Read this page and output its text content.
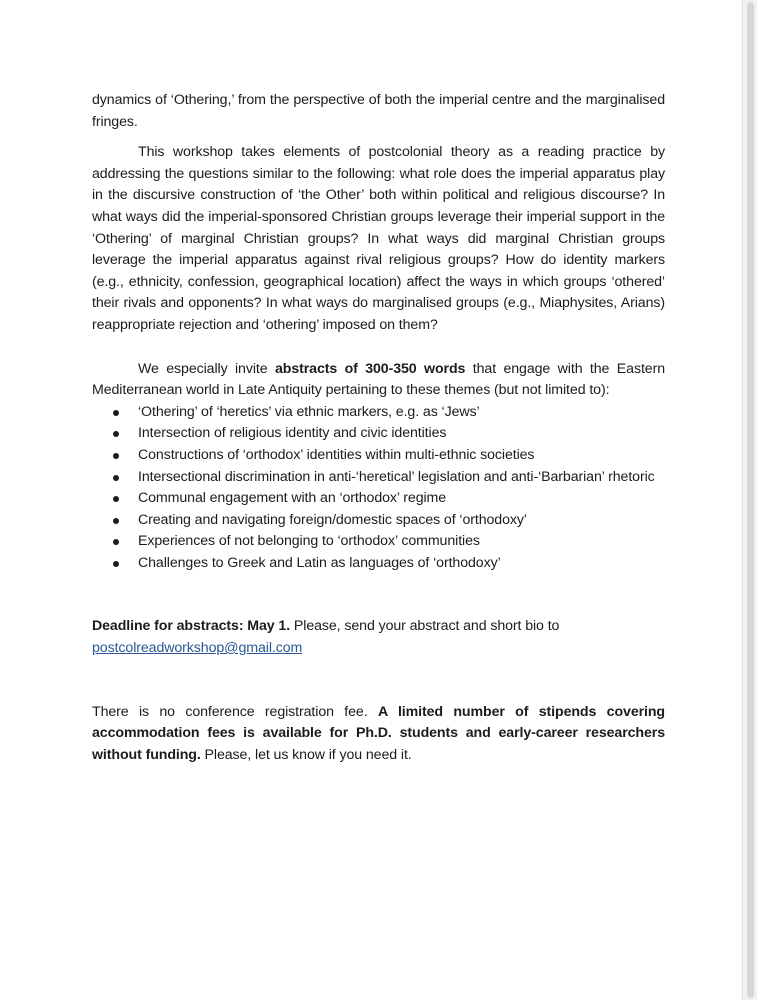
dynamics of ‘Othering,’ from the perspective of both the imperial centre and the marginalised fringes.

This workshop takes elements of postcolonial theory as a reading practice by addressing the questions similar to the following: what role does the imperial apparatus play in the discursive construction of ‘the Other’ both within political and religious discourse? In what ways did the imperial-sponsored Christian groups leverage their imperial support in the ‘Othering’ of marginal Christian groups? In what ways did marginal Christian groups leverage the imperial apparatus against rival religious groups? How do identity markers (e.g., ethnicity, confession, geographical location) affect the ways in which groups ‘othered’ their rivals and opponents? In what ways do marginalised groups (e.g., Miaphysites, Arians) reappropriate rejection and ‘othering’ imposed on them?

We especially invite abstracts of 300-350 words that engage with the Eastern Mediterranean world in Late Antiquity pertaining to these themes (but not limited to):

‘Othering’ of ‘heretics’ via ethnic markers, e.g. as ‘Jews’
Intersection of religious identity and civic identities
Constructions of ‘orthodox’ identities within multi-ethnic societies
Intersectional discrimination in anti-‘heretical’ legislation and anti-‘Barbarian’ rhetoric
Communal engagement with an ‘orthodox’ regime
Creating and navigating foreign/domestic spaces of ‘orthodoxy’
Experiences of not belonging to ‘orthodox’ communities
Challenges to Greek and Latin as languages of ‘orthodoxy’

Deadline for abstracts: May 1. Please, send your abstract and short bio to
postcolreadworkshop@gmail.com

There is no conference registration fee. A limited number of stipends covering accommodation fees is available for Ph.D. students and early-career researchers without funding. Please, let us know if you need it.
